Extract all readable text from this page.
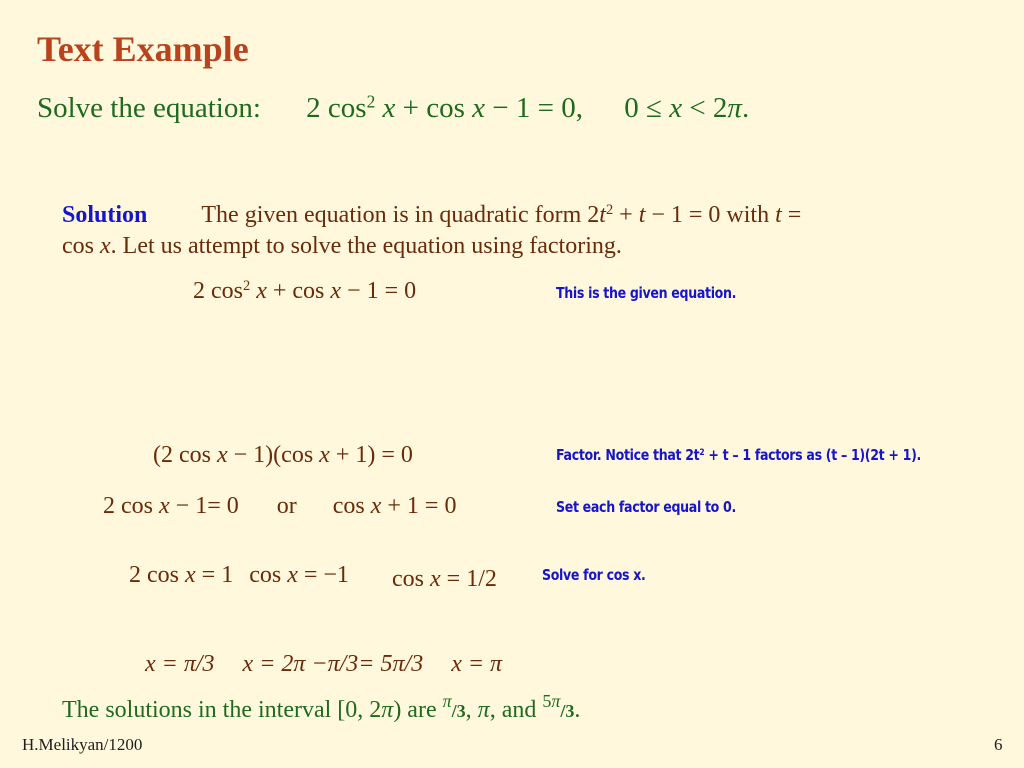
Text Example
Solve the equation: 2 $\cos^2 x + \cos x - 1 = 0$, 0 ≤ x < 2π.
Solution The given equation is in quadratic form $2t^2 + t - 1 = 0$ with t =
cos x. Let us attempt to solve the equation using factoring.
2 $\cos^2 x + \cos x - 1 = 0$	This is the given equation.
(2 cos x − 1)(cos x + 1) = 0	Factor. Notice that $2t^2 + t - 1$ factors as (t – 1)(2t + 1).
2 cos x − 1= 0 or cos x + 1 = 0	Set each factor equal to 0.
2 cos x = 1 cos x = −1 cos x = 1/2	Solve for cos x.
x = π/3 x = 2π −π/3= 5π/3 x = π
The solutions in the interval [0, 2π) are $^\pi$/3, π, and $^{5\pi}$/3.
H.Melikyan/1200	6
